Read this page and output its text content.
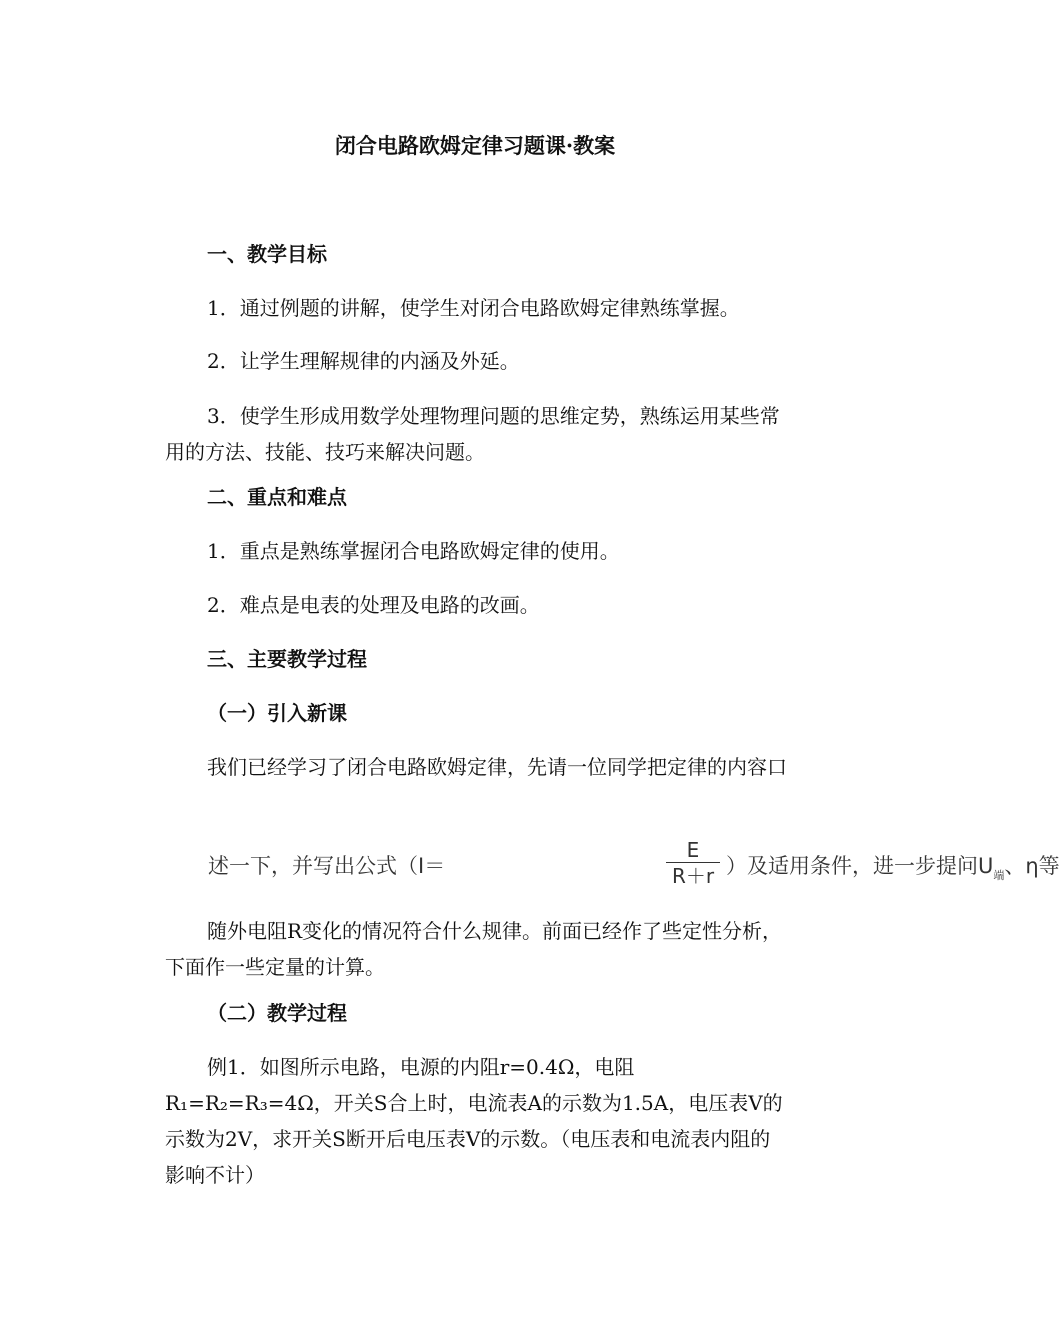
闭合电路欧姆定律习题课·教案

一、教学目标

1．通过例题的讲解，使学生对闭合电路欧姆定律熟练掌握。

2．让学生理解规律的内涵及外延。

3．使学生形成用数学处理物理问题的思维定势，熟练运用某些常用的方法、技能、技巧来解决问题。

二、重点和难点

1．重点是熟练掌握闭合电路欧姆定律的使用。

2．难点是电表的处理及电路的改画。

三、主要教学过程

（一）引入新课

我们已经学习了闭合电路欧姆定律，先请一位同学把定律的内容口

述一下，并写出公式（I＝
E
R＋r ）及适用条件，进一步提问$U_端$、η等

随外电阻R变化的情况符合什么规律。前面已经作了些定性分析，下面作一些定量的计算。

（二）教学过程

例1．如图所示电路，电源的内阻r=0.4Ω，电阻R₁=R₂=R₃=4Ω，开关S合上时，电流表A的示数为1.5A，电压表V的示数为2V，求开关S断开后电压表V的示数。（电压表和电流表内阻的影响不计）
